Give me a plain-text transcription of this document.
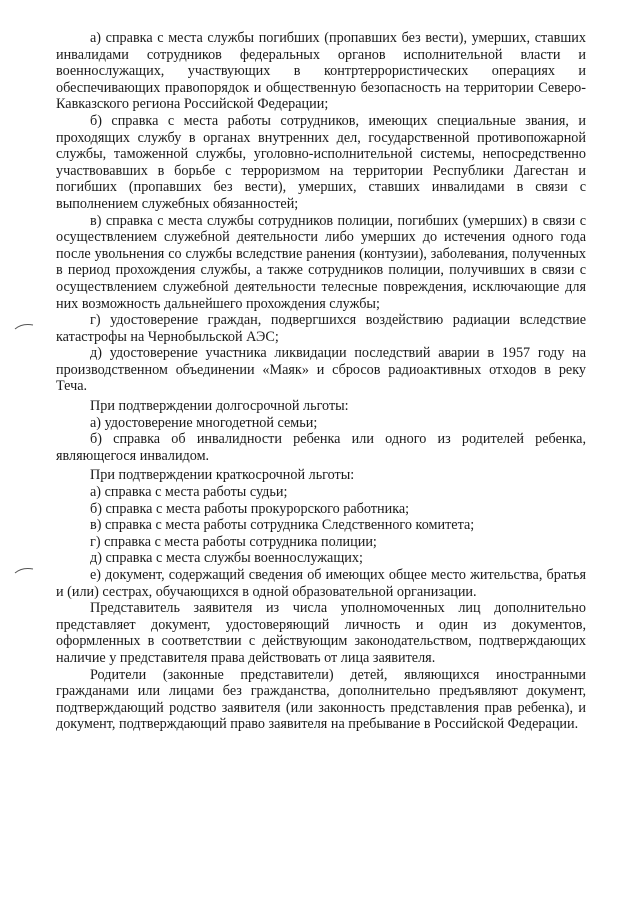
а) справка с места службы погибших (пропавших без вести), умерших, ставших инвалидами сотрудников федеральных органов исполнительной власти и военнослужащих, участвующих в контртеррористических операциях и обеспечивающих правопорядок и общественную безопасность на территории Северо-Кавказского региона Российской Федерации;

б) справка с места работы сотрудников, имеющих специальные звания, и проходящих службу в органах внутренних дел, государственной противопожарной службы, таможенной службы, уголовно-исполнительной системы, непосредственно участвовавших в борьбе с терроризмом на территории Республики Дагестан и погибших (пропавших без вести), умерших, ставших инвалидами в связи с выполнением служебных обязанностей;

в) справка с места службы сотрудников полиции, погибших (умерших) в связи с осуществлением служебной деятельности либо умерших до истечения одного года после увольнения со службы вследствие ранения (контузии), заболевания, полученных в период прохождения службы, а также сотрудников полиции, получивших в связи с осуществлением служебной деятельности телесные повреждения, исключающие для них возможность дальнейшего прохождения службы;

г) удостоверение граждан, подвергшихся воздействию радиации вследствие катастрофы на Чернобыльской АЭС;

д) удостоверение участника ликвидации последствий аварии в 1957 году на производственном объединении «Маяк» и сбросов радиоактивных отходов в реку Теча.

При подтверждении долгосрочной льготы:

а) удостоверение многодетной семьи;

б) справка об инвалидности ребенка или одного из родителей ребенка, являющегося инвалидом.

При подтверждении краткосрочной льготы:

а) справка с места работы судьи;

б) справка с места работы прокурорского работника;

в) справка с места работы сотрудника Следственного комитета;

г) справка с места работы сотрудника полиции;

д) справка с места службы военнослужащих;

е) документ, содержащий сведения об имеющих общее место жительства, братья и (или) сестрах, обучающихся в одной образовательной организации.

Представитель заявителя из числа уполномоченных лиц дополнительно представляет документ, удостоверяющий личность и один из документов, оформленных в соответствии с действующим законодательством, подтверждающих наличие у представителя права действовать от лица заявителя.

Родители (законные представители) детей, являющихся иностранными гражданами или лицами без гражданства, дополнительно предъявляют документ, подтверждающий родство заявителя (или законность представления прав ребенка), и документ, подтверждающий право заявителя на пребывание в Российской Федерации.
